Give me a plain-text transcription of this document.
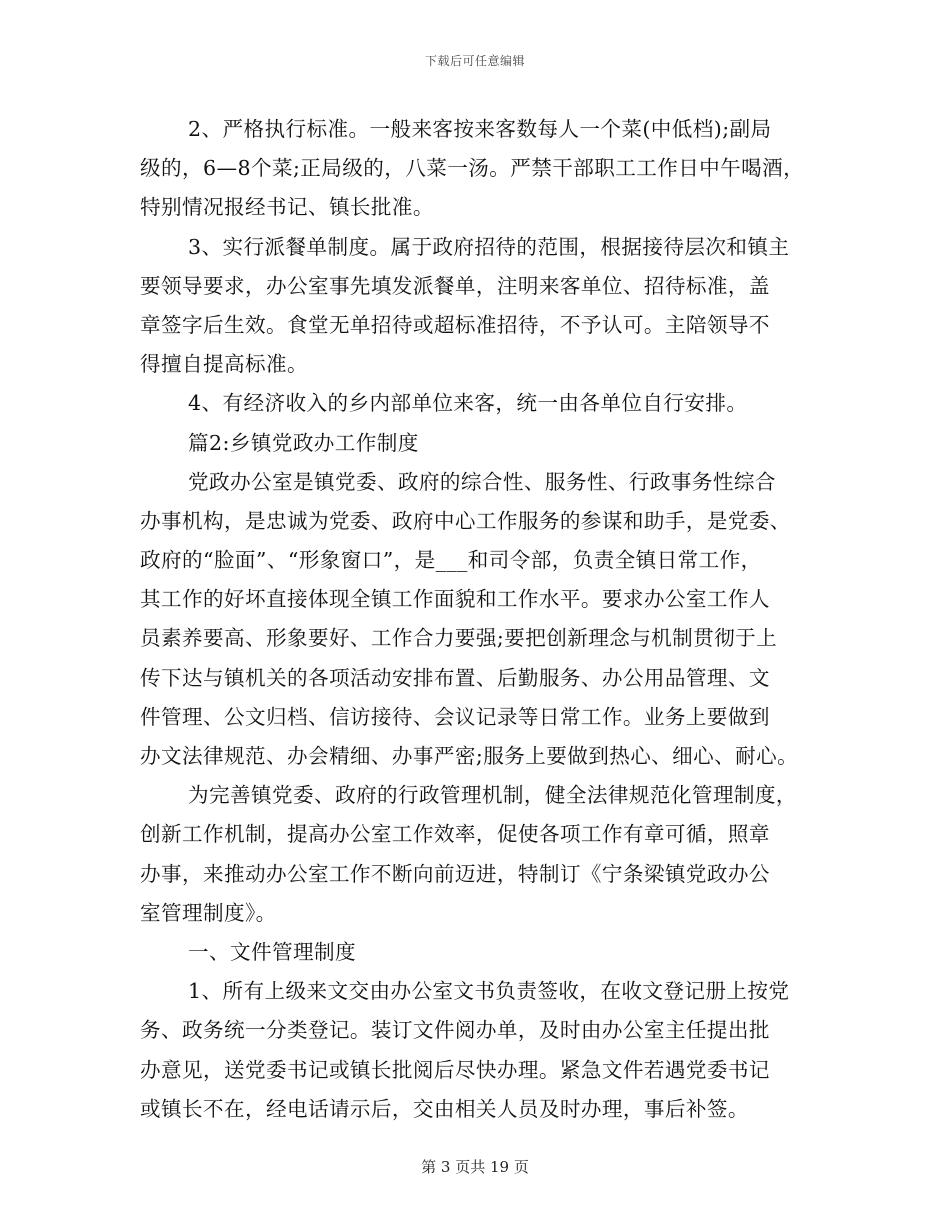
下载后可任意编辑
2、严格执行标准。一般来客按来客数每人一个菜(中低档);副局
级的，6—8个菜;正局级的，八菜一汤。严禁干部职工工作日中午喝酒，
特别情况报经书记、镇长批准。
3、实行派餐单制度。属于政府招待的范围，根据接待层次和镇主
要领导要求，办公室事先填发派餐单，注明来客单位、招待标准，盖
章签字后生效。食堂无单招待或超标准招待，不予认可。主陪领导不
得擅自提高标准。
4、有经济收入的乡内部单位来客，统一由各单位自行安排。
篇2:乡镇党政办工作制度
党政办公室是镇党委、政府的综合性、服务性、行政事务性综合
办事机构，是忠诚为党委、政府中心工作服务的参谋和助手，是党委、
政府的“脸面”、“形象窗口”，是___和司令部，负责全镇日常工作，
其工作的好坏直接体现全镇工作面貌和工作水平。要求办公室工作人
员素养要高、形象要好、工作合力要强;要把创新理念与机制贯彻于上
传下达与镇机关的各项活动安排布置、后勤服务、办公用品管理、文
件管理、公文归档、信访接待、会议记录等日常工作。业务上要做到
办文法律规范、办会精细、办事严密;服务上要做到热心、细心、耐心。
为完善镇党委、政府的行政管理机制，健全法律规范化管理制度，
创新工作机制，提高办公室工作效率，促使各项工作有章可循，照章
办事，来推动办公室工作不断向前迈进，特制订《宁条梁镇党政办公
室管理制度》。
一、文件管理制度
1、所有上级来文交由办公室文书负责签收，在收文登记册上按党
务、政务统一分类登记。装订文件阅办单，及时由办公室主任提出批
办意见，送党委书记或镇长批阅后尽快办理。紧急文件若遇党委书记
或镇长不在，经电话请示后，交由相关人员及时办理，事后补签。
第 3 页共 19 页
